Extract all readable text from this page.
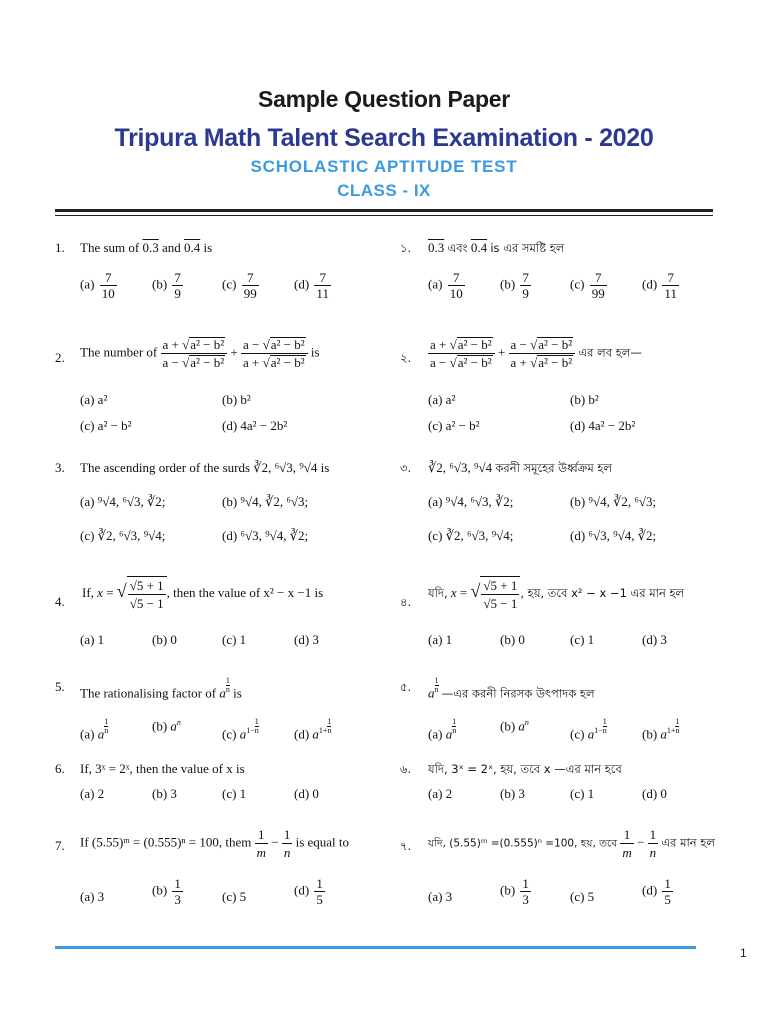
Sample Question Paper
Tripura Math Talent Search Examination - 2020
SCHOLASTIC APTITUDE TEST
CLASS - IX
1. The sum of 0.3 and 0.4 is
$(a) \frac{7}{10}$	$(b) \frac{7}{9}$	$(c) \frac{7}{99}$	$(d) \frac{7}{11}$
2. The number of $\frac{\text{a + √a² − b²}}{\text{a − √a² − b²}} + \frac{\text{a − √a² − b²}}{\text{a + √a² − b²}}$ is
(a) a²	(b) b²
(c) a² − b²	(d) 4a² − 2b²
3. The ascending order of the surds ∛2, ⁶√3, ⁹√4 is
(a) ⁹√4, ⁶√3, ∛2;	(b) ⁹√4, ∛2, ⁶√3;
(c) ∛2, ⁶√3, ⁹√4;	(d) ⁶√3, ⁹√4, ∛2;
4.
If, x = √ $\frac{√5 + 1}{√5 - 1}$ , then the value of x² − x −1 is
(a) 1	(b) 0	(c) 1	(d) 3
5. The rationalising factor of a $\frac{1}{n}$ is
(a) a $\frac{1}{n}$	(b) $a^n$
(c) $a^{1-} \frac{1}{n}$	(d) $a^{1+} \frac{1}{n}$
6. If, 3ˣ = 2ˣ, then the value of x is
(a) 2	(b) 3	(c) 1	(d) 0
7. If (5.55)ᵐ = (0.555)ⁿ = 100, them $\frac{1}{m} - \frac{1}{n}$ is equal to
(a) 3	$(b) \frac{1}{3}$	(c) 5	$(d) \frac{1}{5}$
১. 0.3 এবং 0.4 is এর সমষ্টি হল
$(a) \frac{7}{10}$	$(b) \frac{7}{9}$	$(c) \frac{7}{99}$	$(d) \frac{7}{11}$
২. $\frac{\text{a + √a² − b²}}{\text{a − √a² − b²}} + \frac{\text{a − √a² − b²}}{\text{a + √a² − b²}}$ এর লব হল—
(a) a²	(b) b²
(c) a² − b²	(d) 4a² − 2b²
৩. ∛2, ⁶√3, ⁹√4 করনী সমূহের উর্ধ্বক্রম হল
(a) ⁹√4, ⁶√3, ∛2;	(b) ⁹√4, ∛2, ⁶√3;
(c) ∛2, ⁶√3, ⁹√4;	(d) ⁶√3, ⁹√4, ∛2;
৪.
যদি, x = √ $\frac{√5 + 1}{√5 - 1}$ , হয়, তবে x² − x −1 এর মান হল
(a) 1	(b) 0	(c) 1	(d) 3
৫. a $\frac{1}{n}$ —এর করনী নিরসক উৎপাদক হল
(a) a $\frac{1}{n}$	(b) $a^n$
(c) $a^{1-} \frac{1}{n}$	(b) $a^{1+} \frac{1}{n}$
৬. যদি, 3ˣ = 2ˣ, হয়, তবে x —এর মান হবে
(a) 2	(b) 3	(c) 1	(d) 0
৭. যদি, (5.55)ᵐ =(0.555)ⁿ =100, হয়, তবে $\frac{1}{m} - \frac{1}{n}$ এর মান হল
(a) 3	$(b) \frac{1}{3}$	(c) 5	$(d) \frac{1}{5}$
1
